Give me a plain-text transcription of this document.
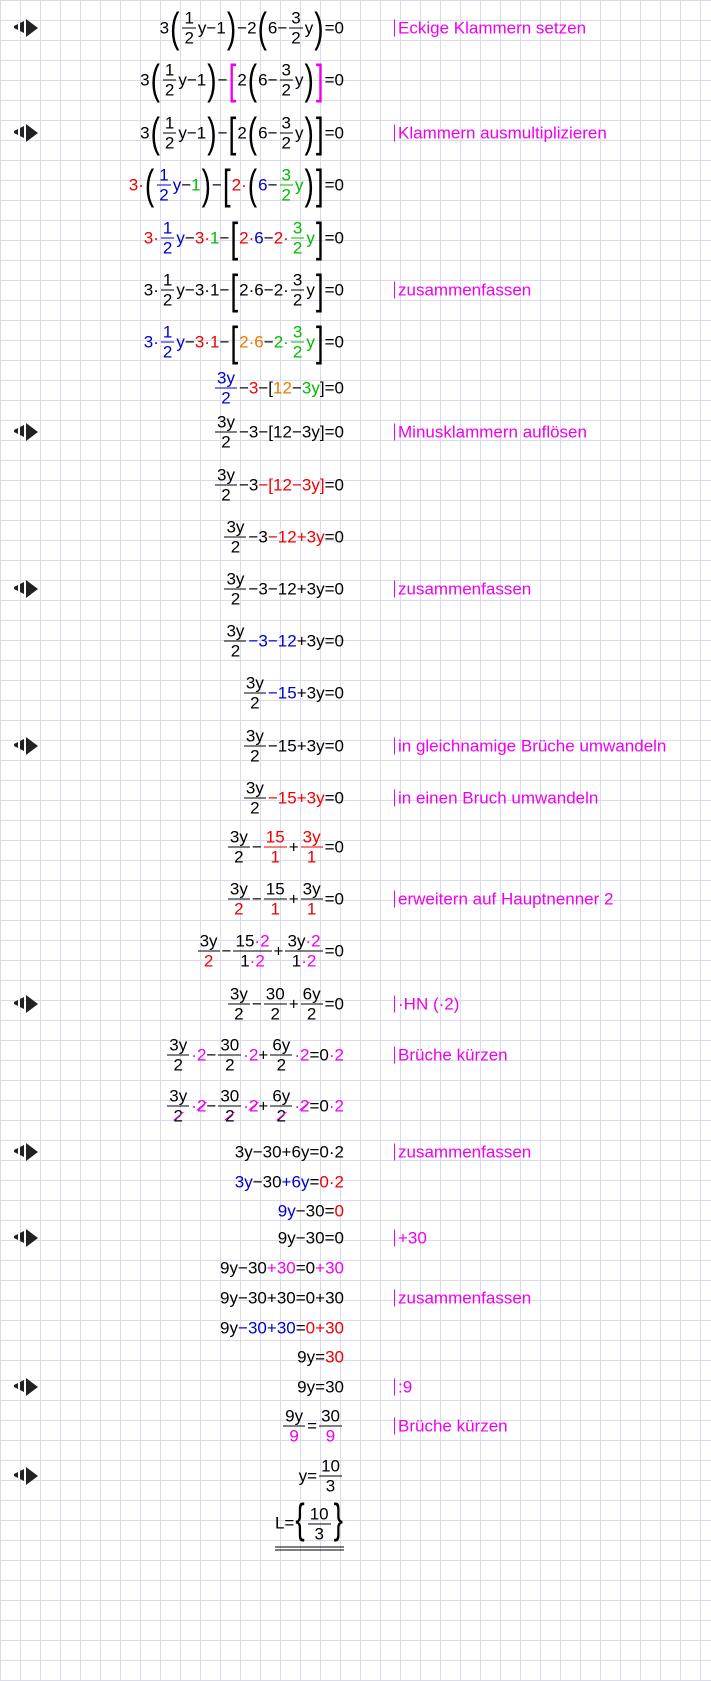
3 ( $\frac{1}{2}$ y − 1 ) − 2 ( $6 - \frac{3}{2}$ y ) = 0	Eckige Klammern setzen
3 ( $\frac{1}{2}$ y − 1 ) − [ 2 ( $6 - \frac{3}{2}$ y ) ] = 0
3 ( $\frac{1}{2}$ y − 1 ) − [ 2 ( $6 - \frac{3}{2}$ y ) ] = 0	Klammern ausmultiplizieren
3 · ( $\frac{1}{2}$ y − 1 ) − [ 2 · ( $6 - \frac{3}{2}$ y ) ] = 0
$3 \cdot \frac{1}{2}$ y − 3 · 1 − [ $2 \cdot 6 - 2 \cdot \frac{3}{2}$ y ] = 0
$3 \cdot \frac{1}{2}$ y − 3 · 1 − [ $2 \cdot 6 - 2 \cdot \frac{3}{2}$ y ] = 0	zusammenfassen
$3 \cdot \frac{1}{2}$ y − 3 · 1 − [ $2 \cdot 6 - 2 \cdot \frac{3}{2}$ y ] = 0
$\frac{3y}{2} - 3$ − [ 12 − 3y ] = 0
$\frac{3y}{2} - 3$ − [ 12 − 3y ] = 0	Minusklammern auflösen
$\frac{3y}{2} - 3$ − [ 12 − 3y ] = 0
$\frac{3y}{2} - 3 - 12 + 3$ y = 0
$\frac{3y}{2} - 3 - 12 + 3$ y = 0	zusammenfassen
$\frac{3y}{2} - 3 - 12 + 3$ y = 0
$\frac{3y}{2} - 15 + 3$ y = 0
$\frac{3y}{2} - 15 + 3$ y = 0	in gleichnamige Brüche umwandeln
$\frac{3y}{2} - 15 + 3$ y = 0	in einen Bruch umwandeln
$\frac{3y}{2} - \frac{15}{1} + \frac{3y}{1} = 0$
$\frac{3y}{2} - \frac{15}{1} + \frac{3y}{1} = 0$	erweitern auf Hauptnenner 2
$\frac{3y}{2} - \frac{15\cdot 2}{1\cdot 2} + \frac{3y\cdot 2}{1\cdot 2} = 0$
$\frac{3y}{2} - \frac{30}{2} + \frac{6y}{2} = 0$	·HN (·2)
$\frac{3y}{2} \cdot 2 - \frac{30}{2} \cdot 2 + \frac{6y}{2} \cdot 2 = 0 \cdot 2$	Brüche kürzen
$\frac{3y}{2} \cdot 2 - \frac{30}{2} \cdot 2 + \frac{6y}{2} \cdot 2 = 0 \cdot 2$
3 y − 30 + 6 y = 0 · 2	zusammenfassen
3 y − 30 + 6 y = 0 · 2
9 y − 30 = 0
9 y − 30 = 0	+30
9 y − 30 + 30 = 0 + 30
9 y − 30 + 30 = 0 + 30	zusammenfassen
9 y − 30 + 30 = 0 + 30
9 y = 30
9 y = 30	:9
$\frac{9y}{9} = \frac{30}{9}$	Brüche kürzen
$y = \frac{10}{3}$
$L=\{ \frac{10}{3}$ }
